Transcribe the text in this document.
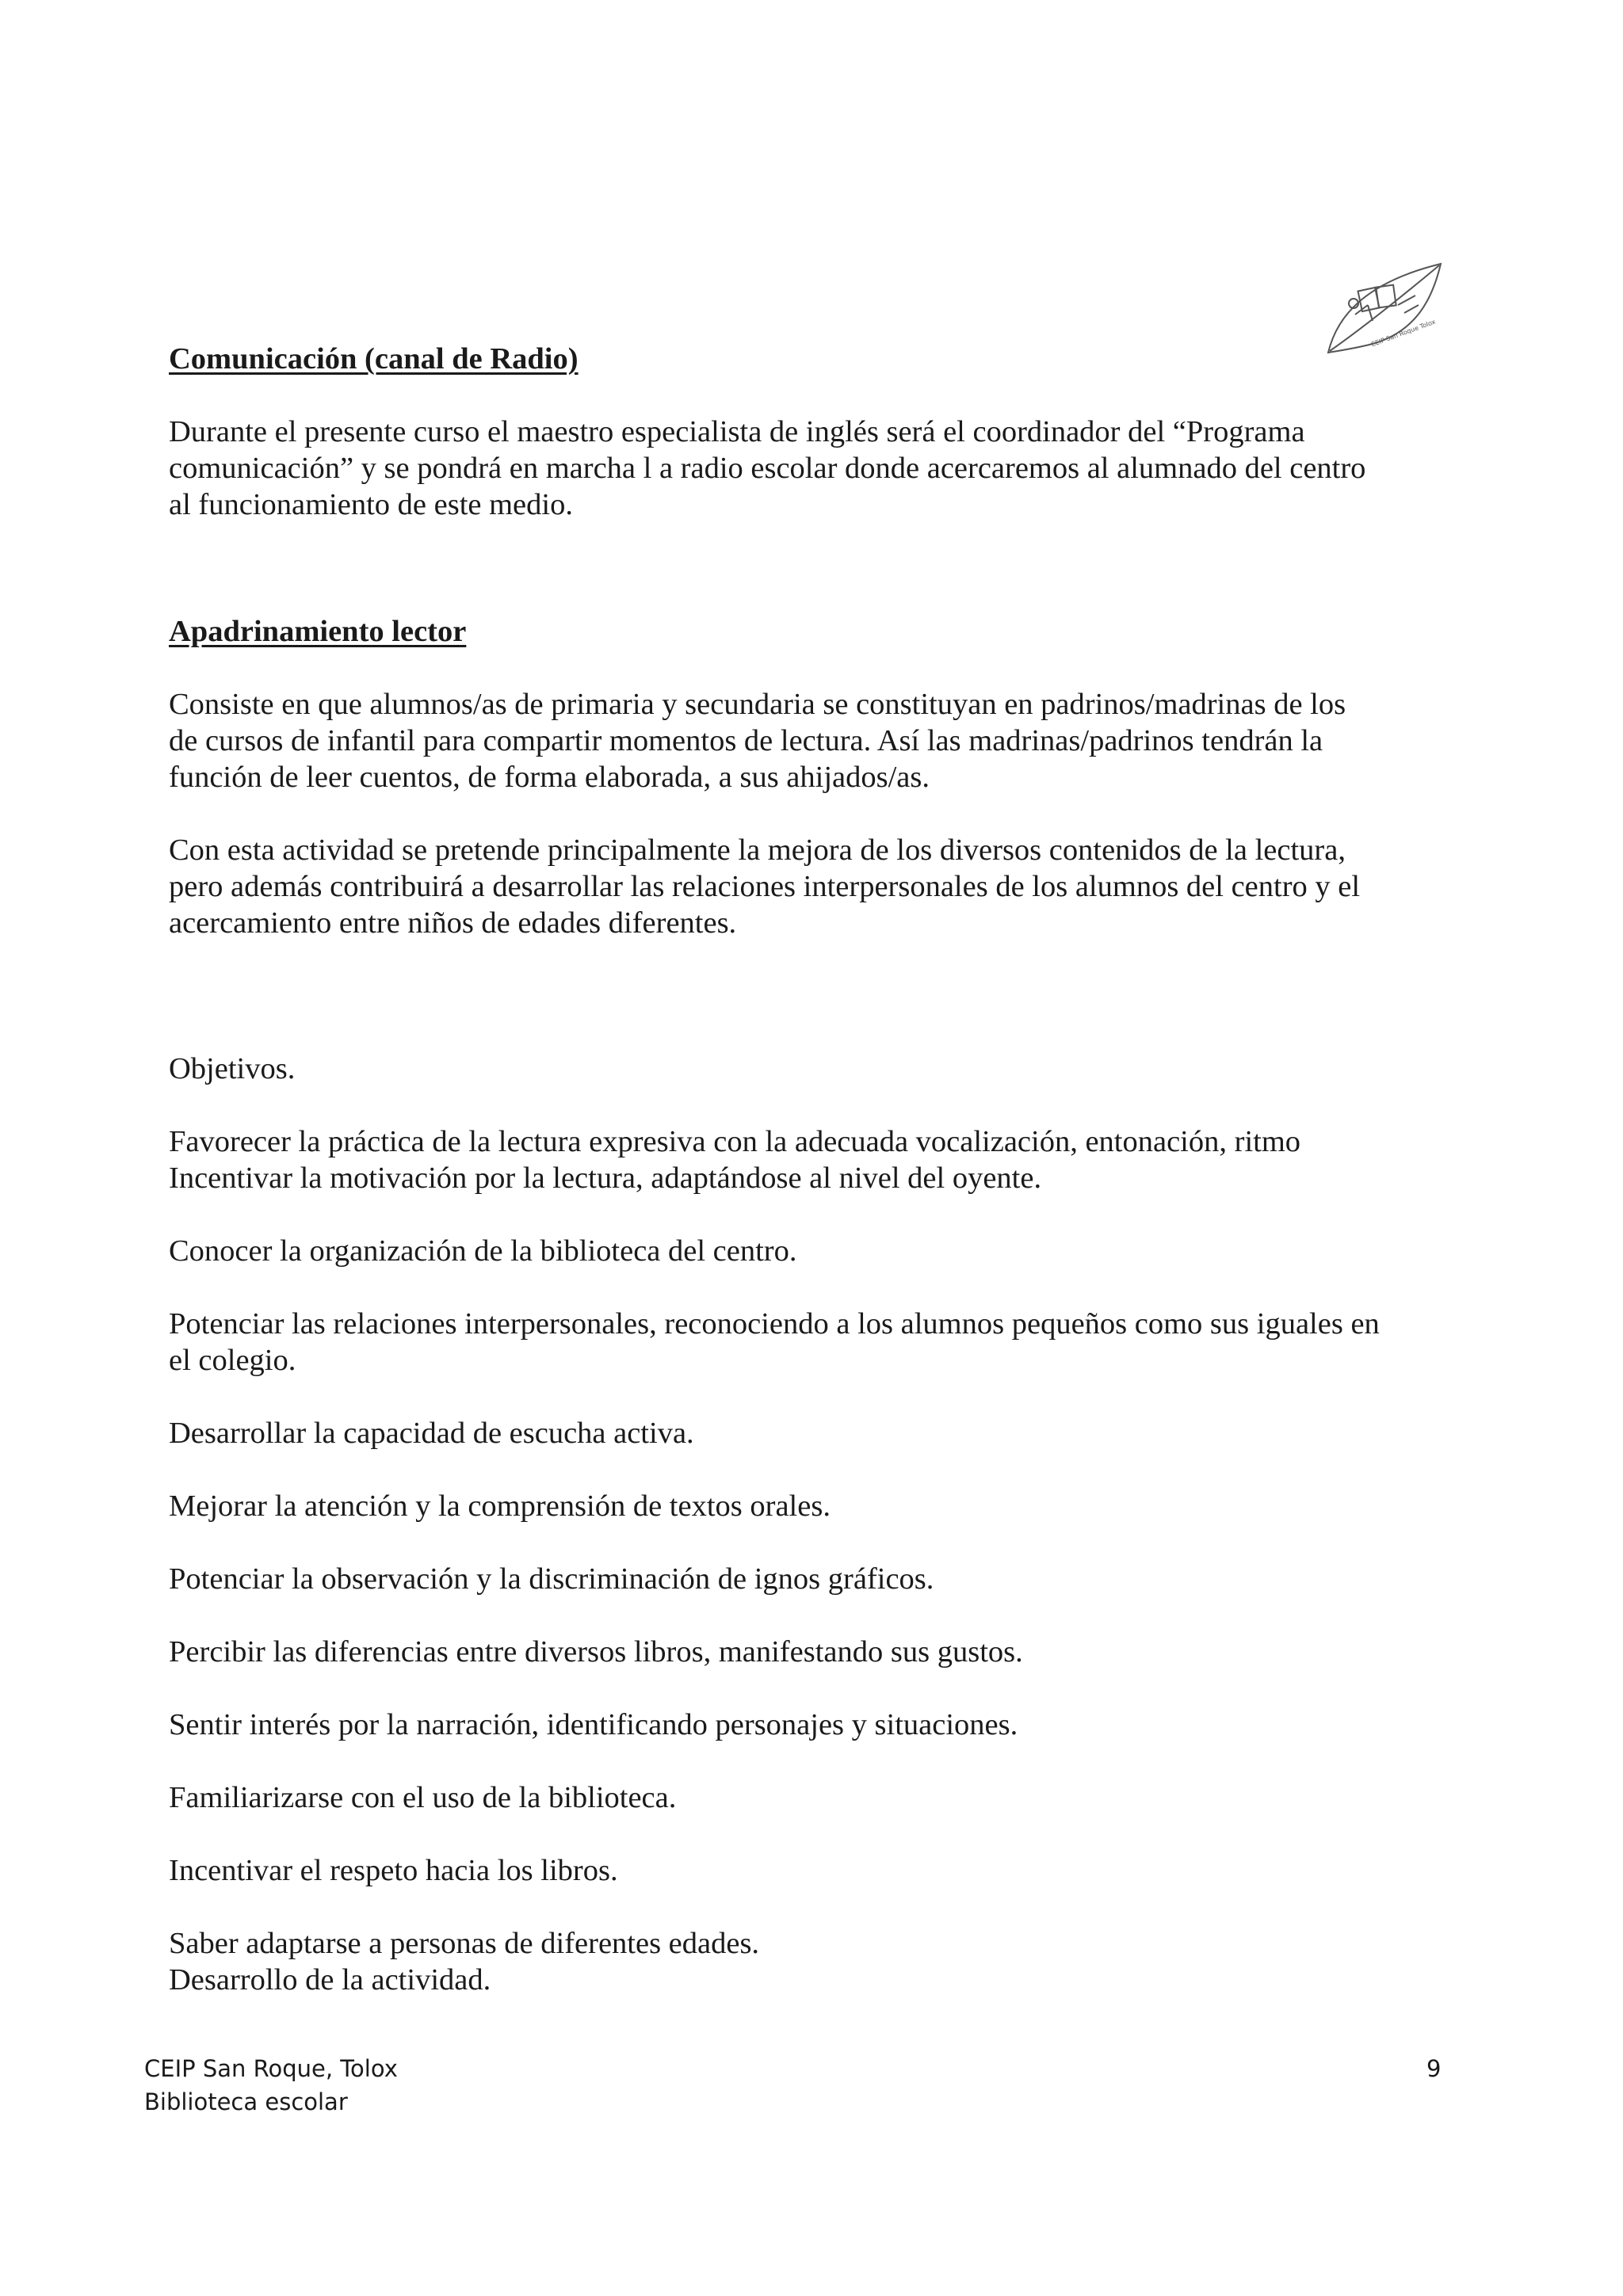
CEIP San Roque Tolox

Comunicación (canal de Radio)

Durante el presente curso el maestro especialista de inglés será el coordinador del “Programa
comunicación” y se pondrá en marcha l a radio escolar donde acercaremos al alumnado del centro
al funcionamiento de este medio.

Apadrinamiento lector

Consiste en que alumnos/as de primaria y secundaria se constituyan en padrinos/madrinas de los
de cursos de infantil para compartir momentos de lectura. Así las madrinas/padrinos tendrán la
función de leer cuentos, de forma elaborada, a sus ahijados/as.

Con esta actividad se pretende principalmente la mejora de los diversos contenidos de la lectura,
pero además contribuirá a desarrollar las relaciones interpersonales de los alumnos del centro y el
acercamiento entre niños de edades diferentes.

Objetivos.

Favorecer la práctica de la lectura expresiva con la adecuada vocalización, entonación, ritmo
Incentivar la motivación por la lectura, adaptándose al nivel del oyente.

Conocer la organización de la biblioteca del centro.

Potenciar las relaciones interpersonales, reconociendo a los alumnos pequeños como sus iguales en
el colegio.

Desarrollar la capacidad de escucha activa.

Mejorar la atención y la comprensión de textos orales.

Potenciar la observación y la discriminación de ignos gráficos.

Percibir las diferencias entre diversos libros, manifestando sus gustos.

Sentir interés por la narración, identificando personajes y situaciones.

Familiarizarse con el uso de la biblioteca.

Incentivar el respeto hacia los libros.

Saber adaptarse a personas de diferentes edades.
Desarrollo de la actividad.

CEIP San Roque, Tolox
Biblioteca escolar
9
